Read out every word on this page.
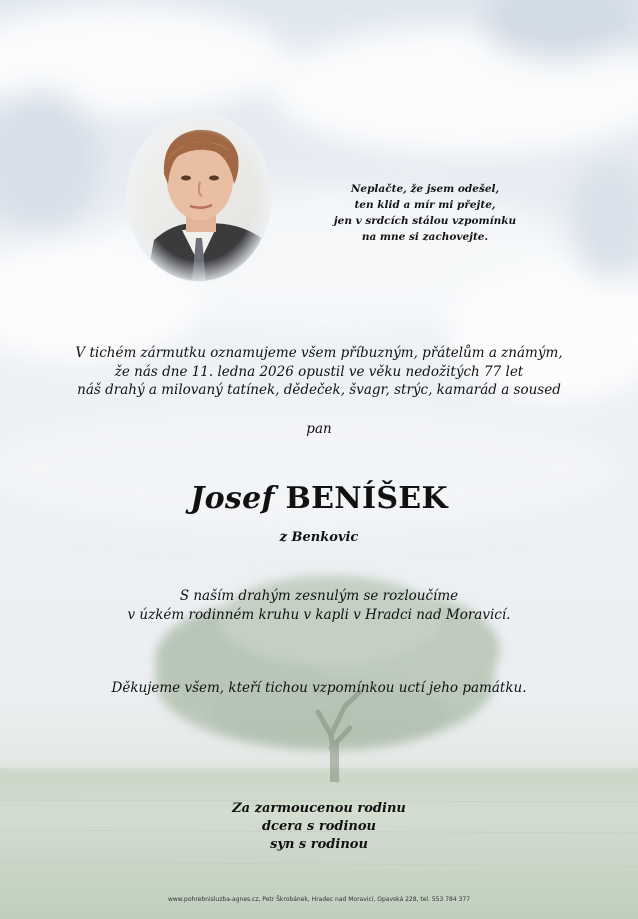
Neplačte, že jsem odešel,
ten klid a mír mi přejte,
jen v srdcích stálou vzpomínku
na mne si zachovejte.
V tichém zármutku oznamujeme všem příbuzným, přátelům a známým,
že nás dne 11. ledna 2026 opustil ve věku nedožitých 77 let
náš drahý a milovaný tatínek, dědeček, švagr, strýc, kamarád a soused
pan
Josef BENÍŠEK
z Benkovic
S naším drahým zesnulým se rozloučíme
v úzkém rodinném kruhu v kapli v Hradci nad Moravicí.
Děkujeme všem, kteří tichou vzpomínkou uctí jeho památku.
Za zarmoucenou rodinu
dcera s rodinou
syn s rodinou
www.pohrebnisluzba-agnes.cz, Petr Škrobánek, Hradec nad Moravicí, Opavská 228, tel. 553 784 377
